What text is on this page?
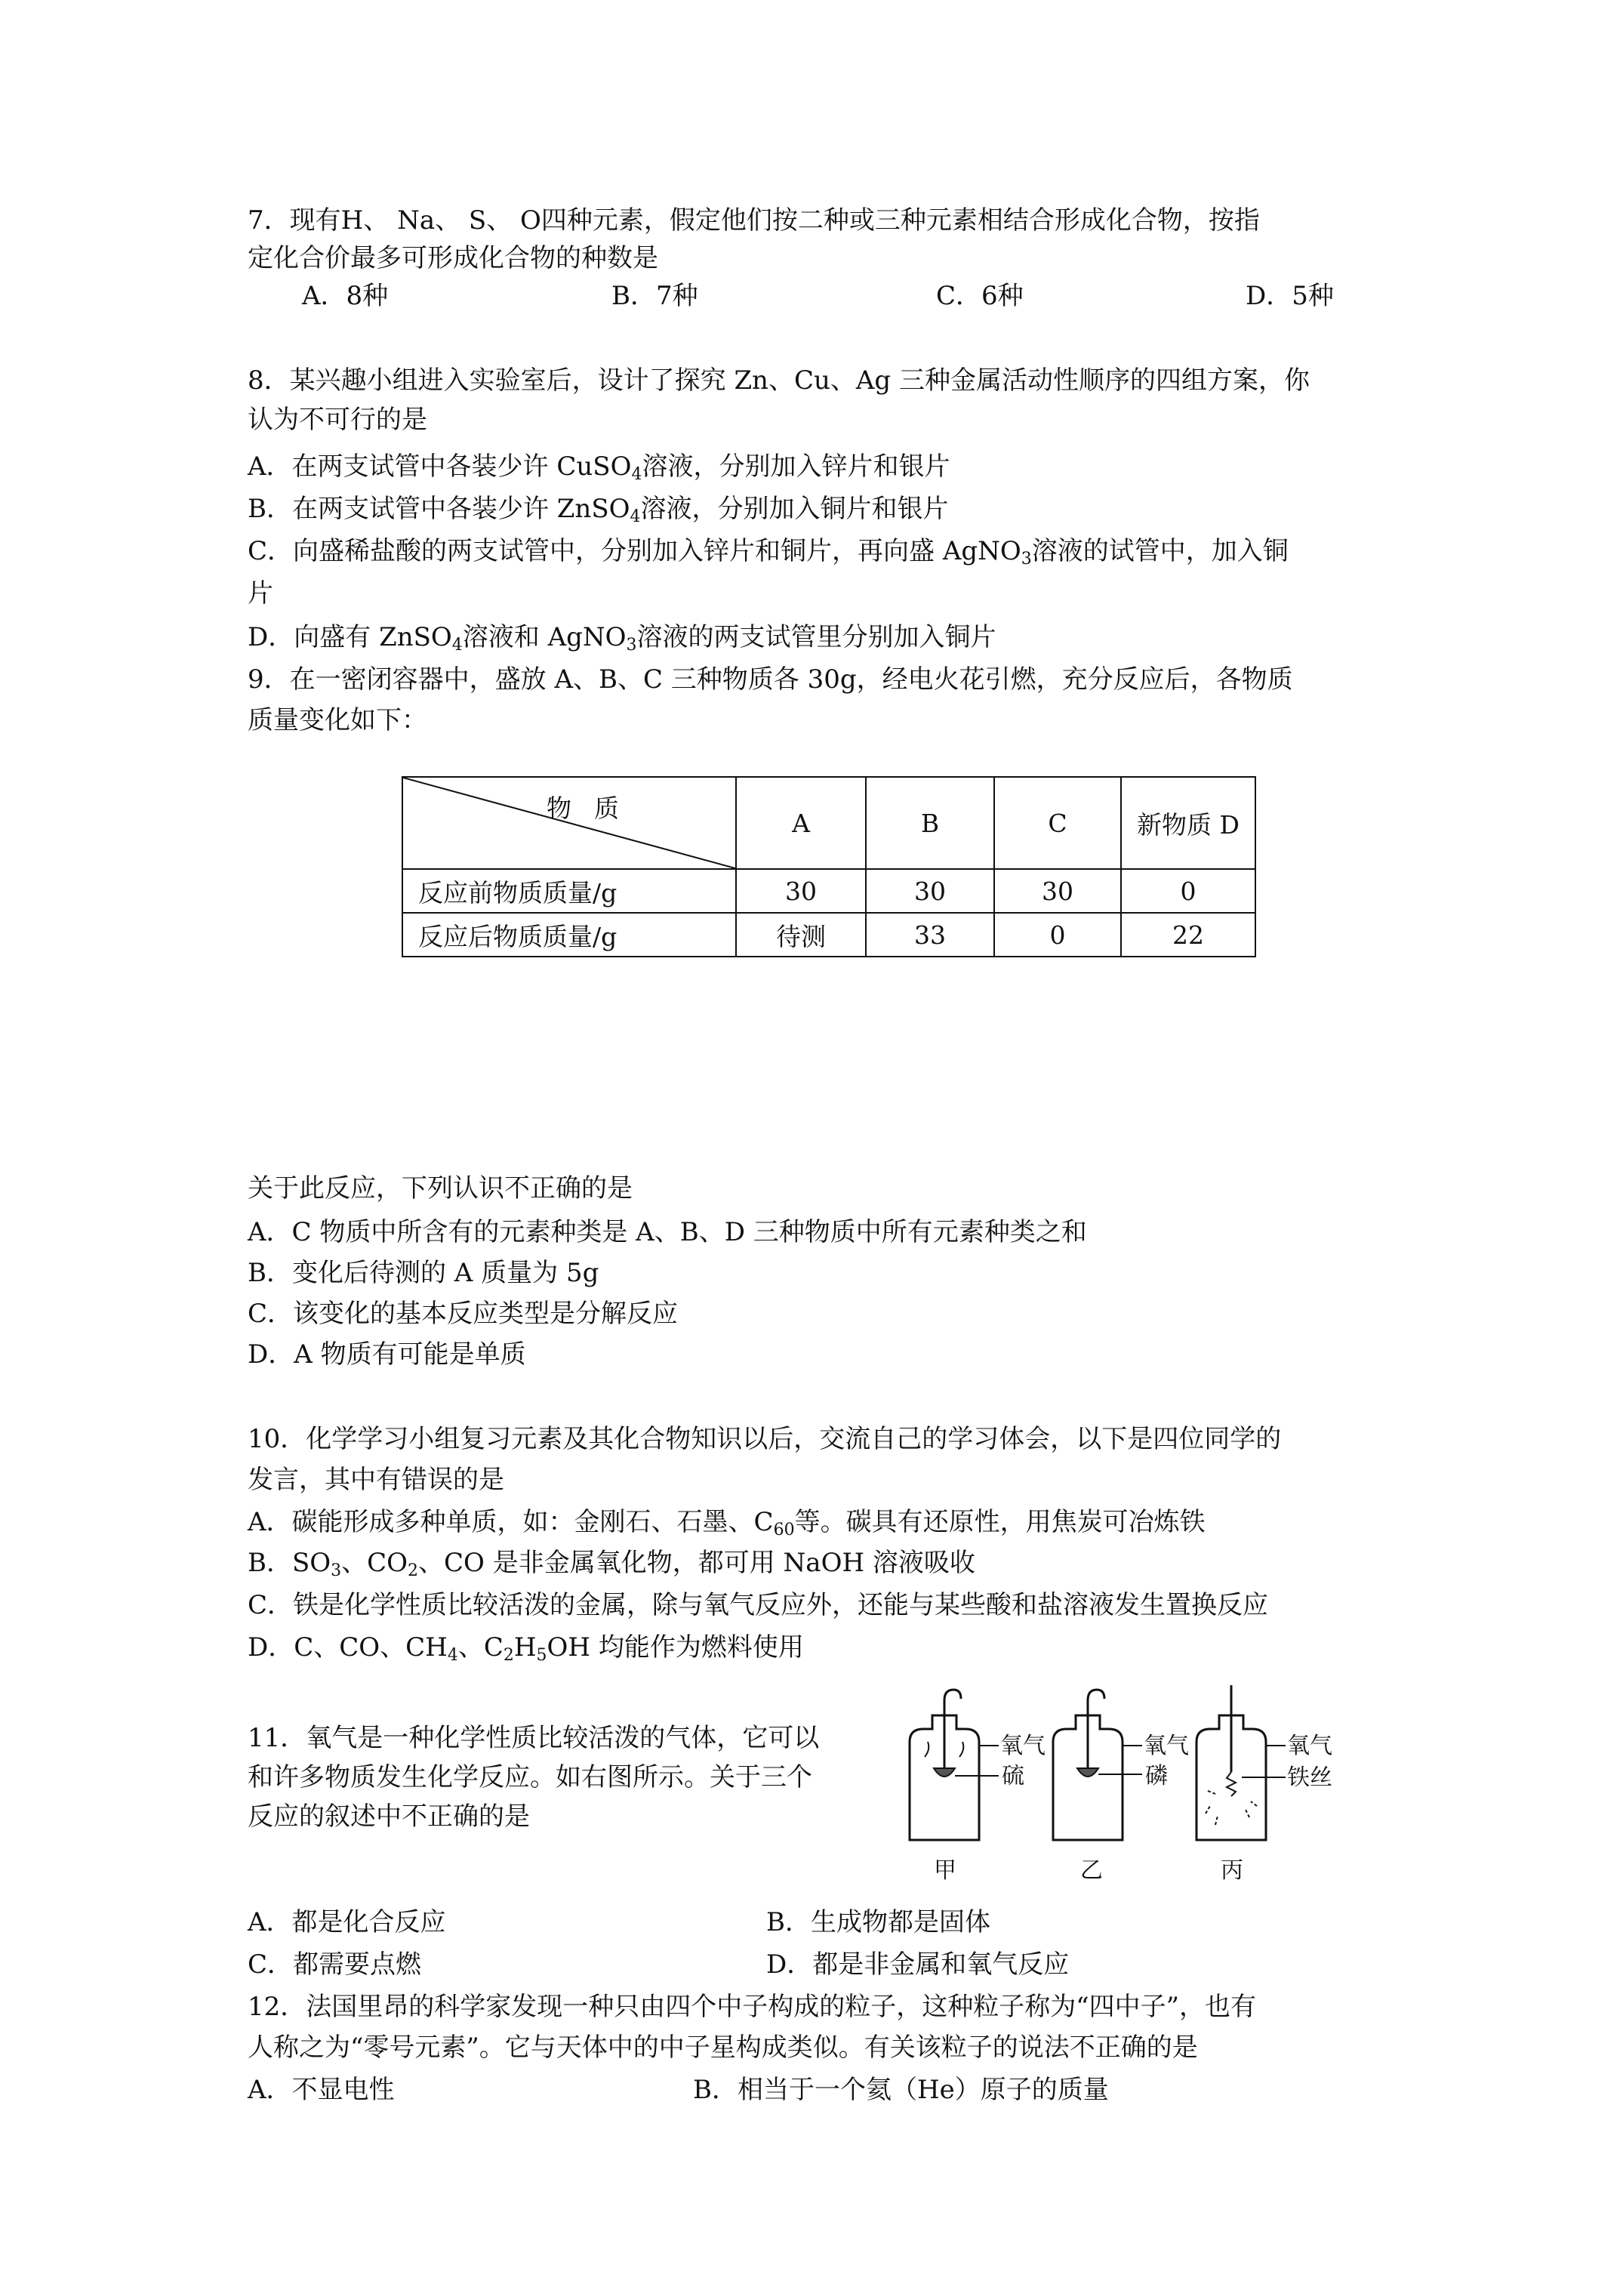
7．现有H、 Na、 S、 O四种元素，假定他们按二种或三种元素相结合形成化合物，按指
定化合价最多可形成化合物的种数是
A．8种	B．7种	C．6种	D．5种
8．某兴趣小组进入实验室后，设计了探究 Zn、Cu、Ag 三种金属活动性顺序的四组方案，你
认为不可行的是
A．在两支试管中各装少许 CuSO$_4$溶液，分别加入锌片和银片
B．在两支试管中各装少许 ZnSO$_4$溶液，分别加入铜片和银片
C．向盛稀盐酸的两支试管中，分别加入锌片和铜片，再向盛 AgNO$_3$溶液的试管中，加入铜
片
D．向盛有 ZnSO$_4$溶液和 AgNO$_3$溶液的两支试管里分别加入铜片
9．在一密闭容器中，盛放 A、B、C 三种物质各 30g，经电火花引燃，充分反应后，各物质
质量变化如下：
物质	A	B	C	新物质 D
反应前物质质量/g	30	30	30	0
反应后物质质量/g	待测	33	0	22
关于此反应，下列认识不正确的是
A．C 物质中所含有的元素种类是 A、B、D 三种物质中所有元素种类之和
B．变化后待测的 A 质量为 5g
C．该变化的基本反应类型是分解反应
D．A 物质有可能是单质
10．化学学习小组复习元素及其化合物知识以后，交流自己的学习体会，以下是四位同学的
发言，其中有错误的是
A．碳能形成多种单质，如：金刚石、石墨、$C_{60}$等。碳具有还原性，用焦炭可冶炼铁
B．$SO_3$、$CO_2$、CO 是非金属氧化物，都可用 NaOH 溶液吸收
C．铁是化学性质比较活泼的金属，除与氧气反应外，还能与某些酸和盐溶液发生置换反应
D．C、CO、$CH_4$、$C_2H_5OH$ 均能作为燃料使用
11．氧气是一种化学性质比较活泼的气体，它可以
和许多物质发生化学反应。如右图所示。关于三个
反应的叙述中不正确的是
氧气
硫
甲
氧气
磷
乙
氧气
铁丝
丙
A．都是化合反应	B．生成物都是固体
C．都需要点燃	D．都是非金属和氧气反应
12．法国里昂的科学家发现一种只由四个中子构成的粒子，这种粒子称为“四中子”，也有
人称之为“零号元素”。它与天体中的中子星构成类似。有关该粒子的说法不正确的是
A．不显电性	B．相当于一个氦（He）原子的质量
